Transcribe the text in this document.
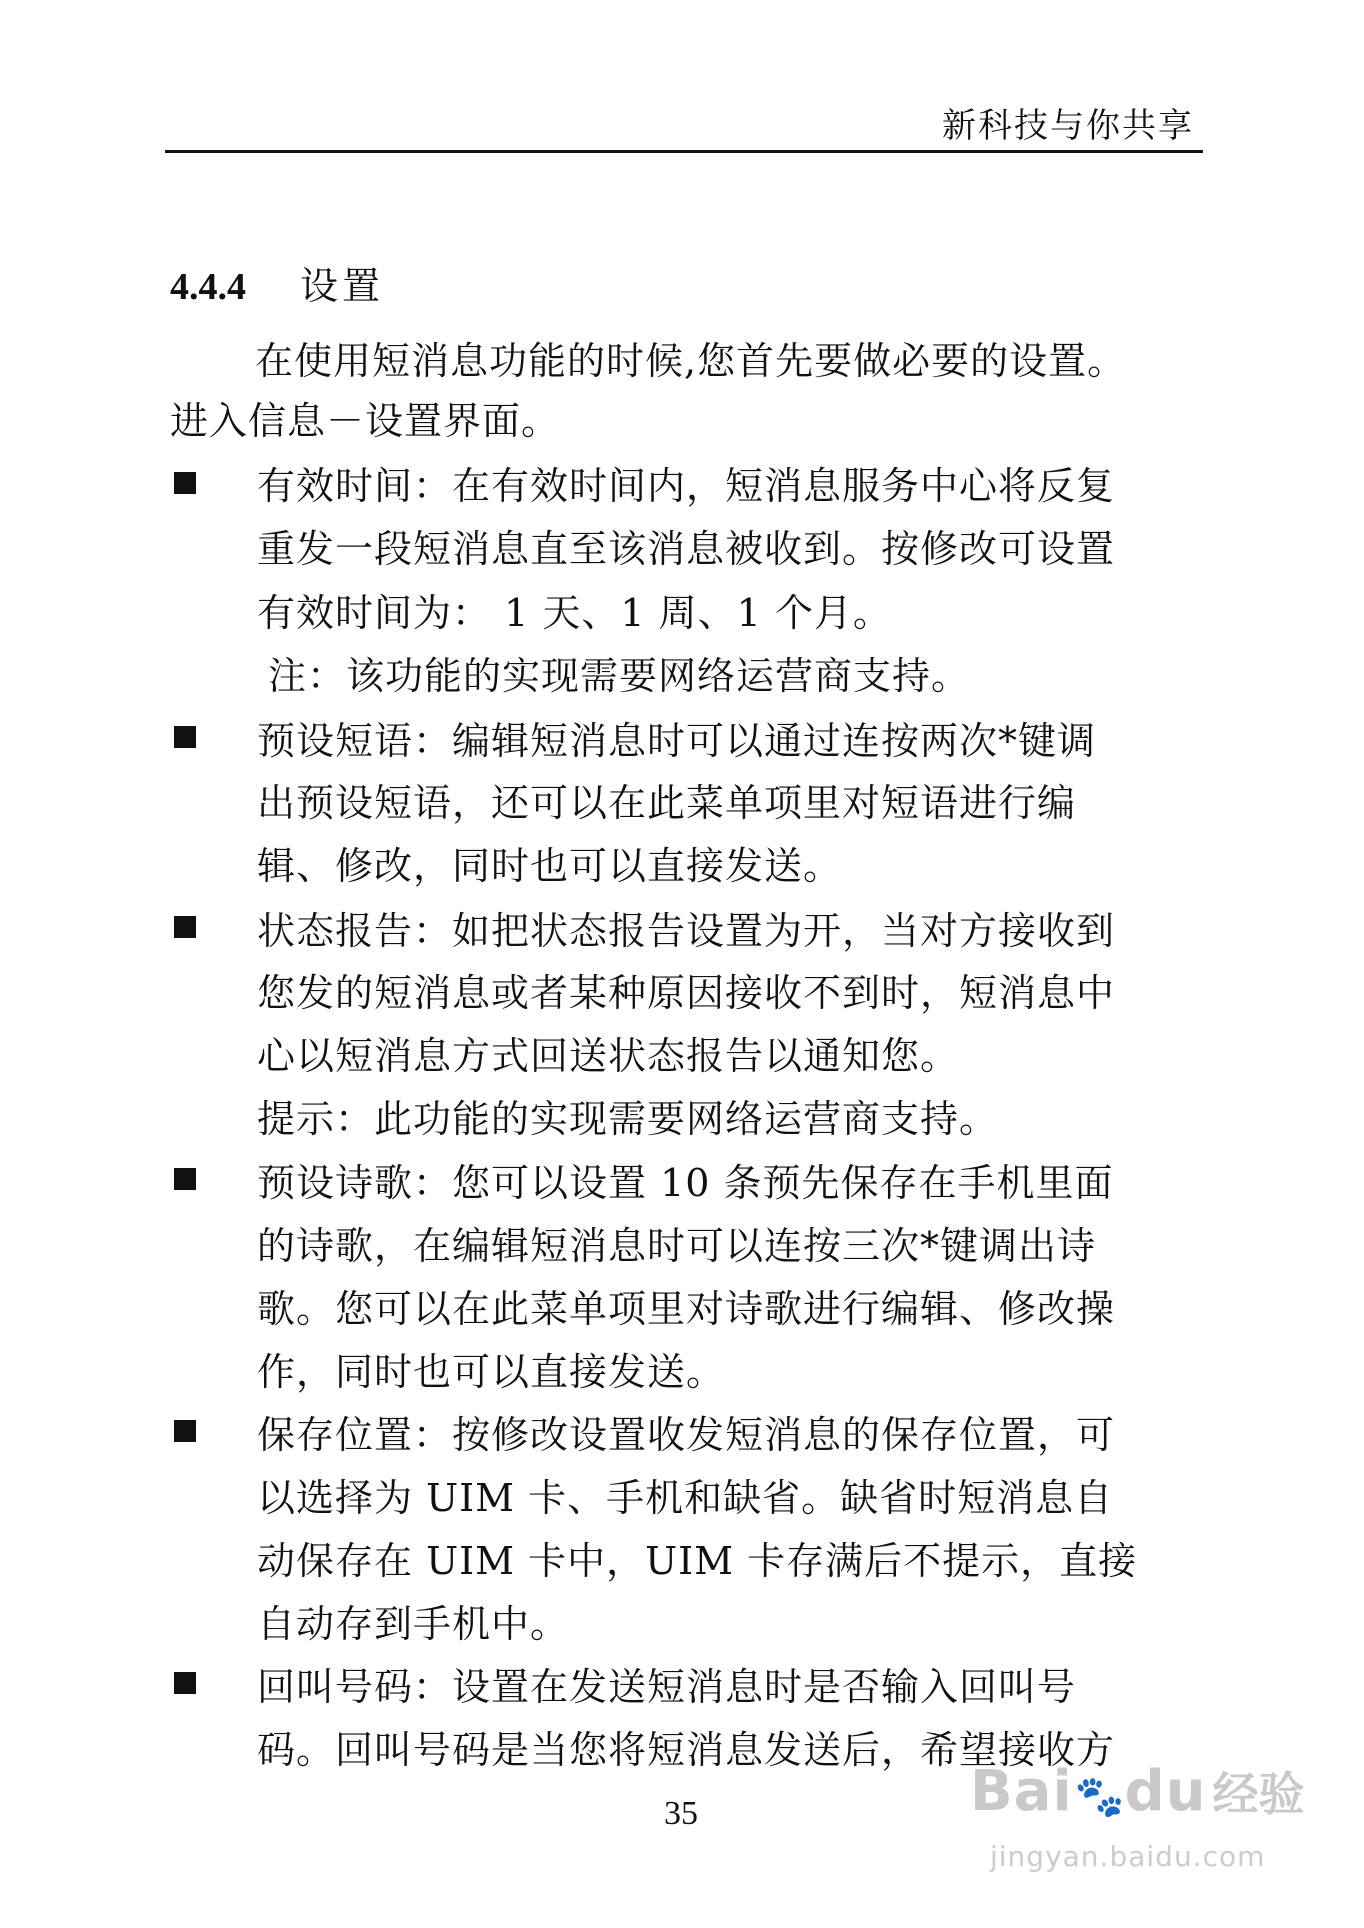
新科技与你共享
4.4.4 设置
在使用短消息功能的时候,您首先要做必要的设置。
进入信息－设置界面。
有效时间：在有效时间内，短消息服务中心将反复
重发一段短消息直至该消息被收到。按修改可设置
有效时间为： 1 天、1 周、1 个月。
注：该功能的实现需要网络运营商支持。
预设短语：编辑短消息时可以通过连按两次*键调
出预设短语，还可以在此菜单项里对短语进行编
辑、修改，同时也可以直接发送。
状态报告：如把状态报告设置为开，当对方接收到
您发的短消息或者某种原因接收不到时，短消息中
心以短消息方式回送状态报告以通知您。
提示：此功能的实现需要网络运营商支持。
预设诗歌：您可以设置 10 条预先保存在手机里面
的诗歌，在编辑短消息时可以连按三次*键调出诗
歌。您可以在此菜单项里对诗歌进行编辑、修改操
作，同时也可以直接发送。
保存位置：按修改设置收发短消息的保存位置，可
以选择为 UIM 卡、手机和缺省。缺省时短消息自
动保存在 UIM 卡中，UIM 卡存满后不提示，直接
自动存到手机中。
回叫号码：设置在发送短消息时是否输入回叫号
码。回叫号码是当您将短消息发送后，希望接收方
35	Bai🐾du 经验
jingyan.baidu.com
